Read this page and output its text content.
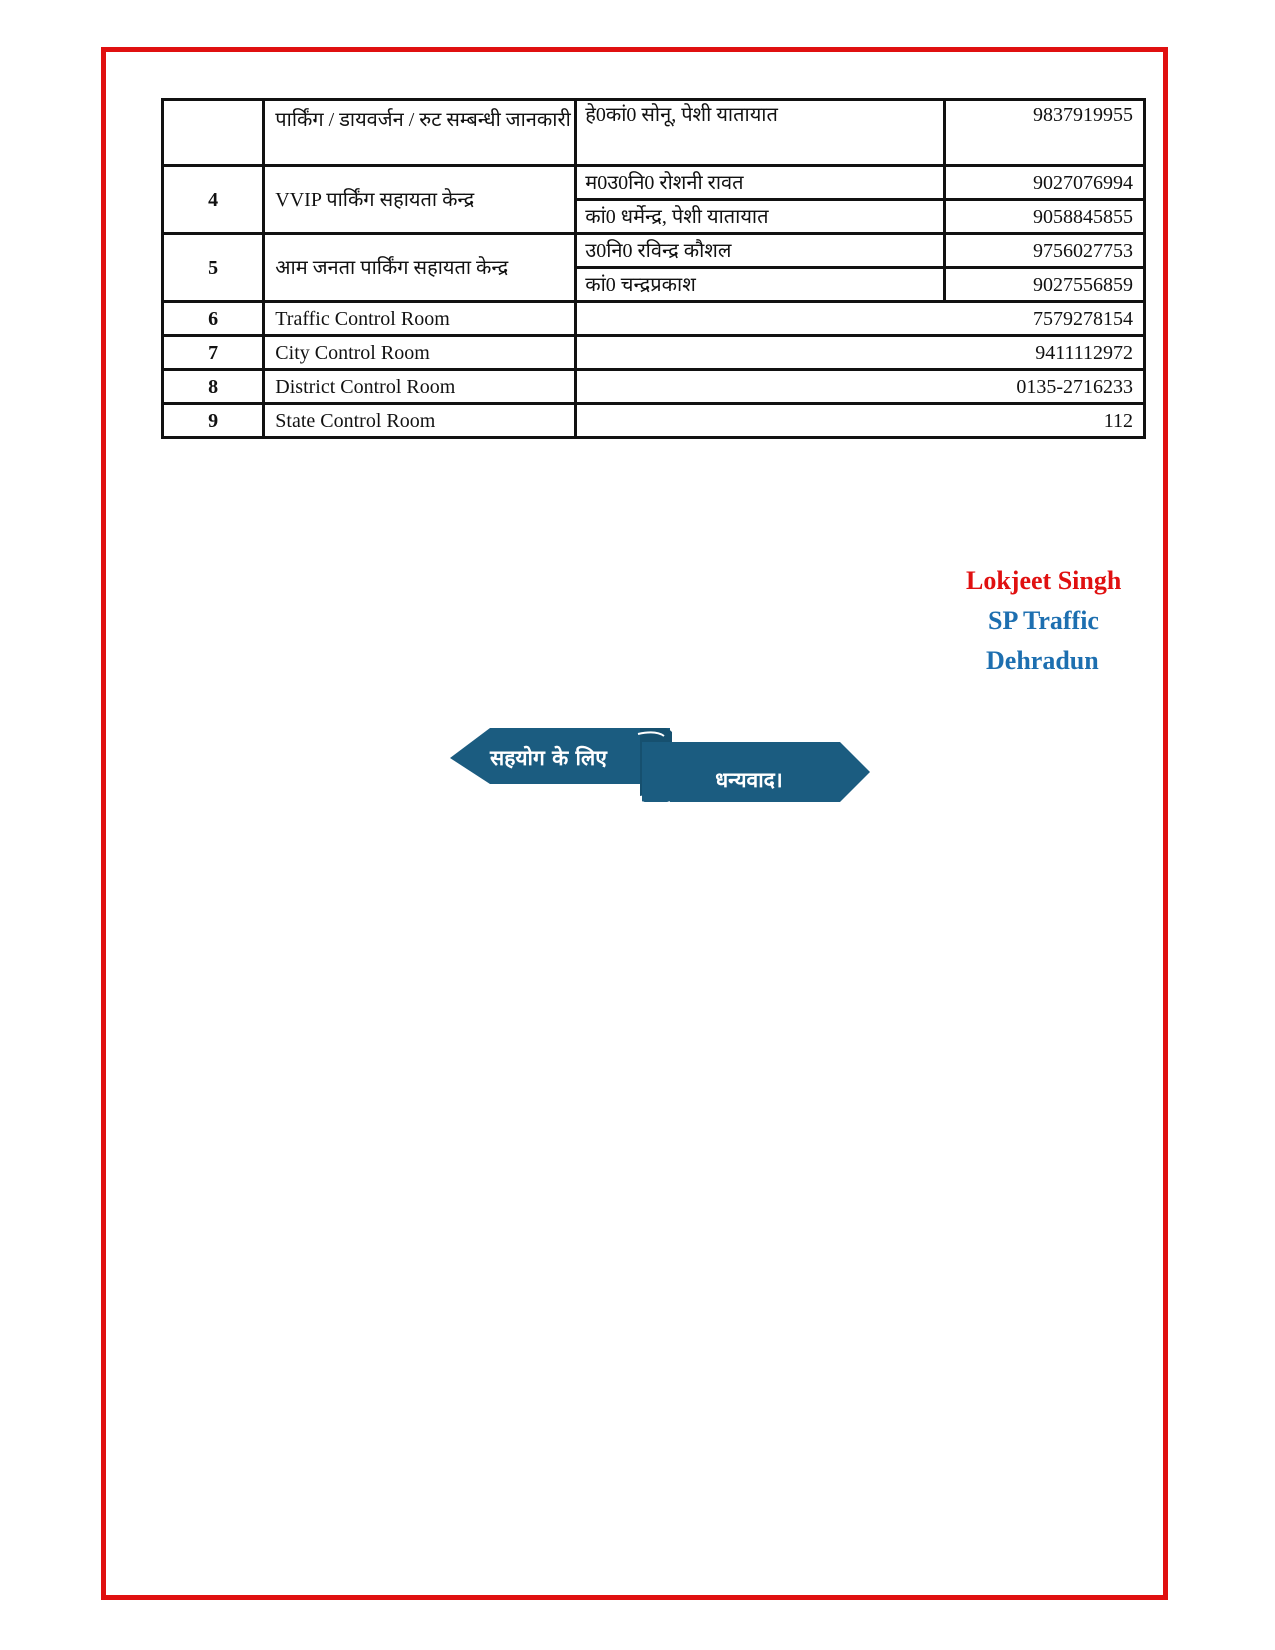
	पार्किंग / डायवर्जन / रुट सम्बन्धी जानकारी	हे0कां0 सोनू, पेशी यातायात	9837919955
4	VVIP पार्किंग सहायता केन्द्र	म0उ0नि0 रोशनी रावत	9027076994
		कां0 धर्मेन्द्र, पेशी यातायात	9058845855
5	आम जनता पार्किंग सहायता केन्द्र	उ0नि0 रविन्द्र कौशल	9756027753
		कां0 चन्द्रप्रकाश	9027556859
6	Traffic Control Room	7579278154	
7	City Control Room	9411112972	
8	District Control Room	0135-2716233	
9	State Control Room	112	
Lokjeet Singh
SP Traffic
Dehradun
सहयोग के लिए
धन्यवाद।
